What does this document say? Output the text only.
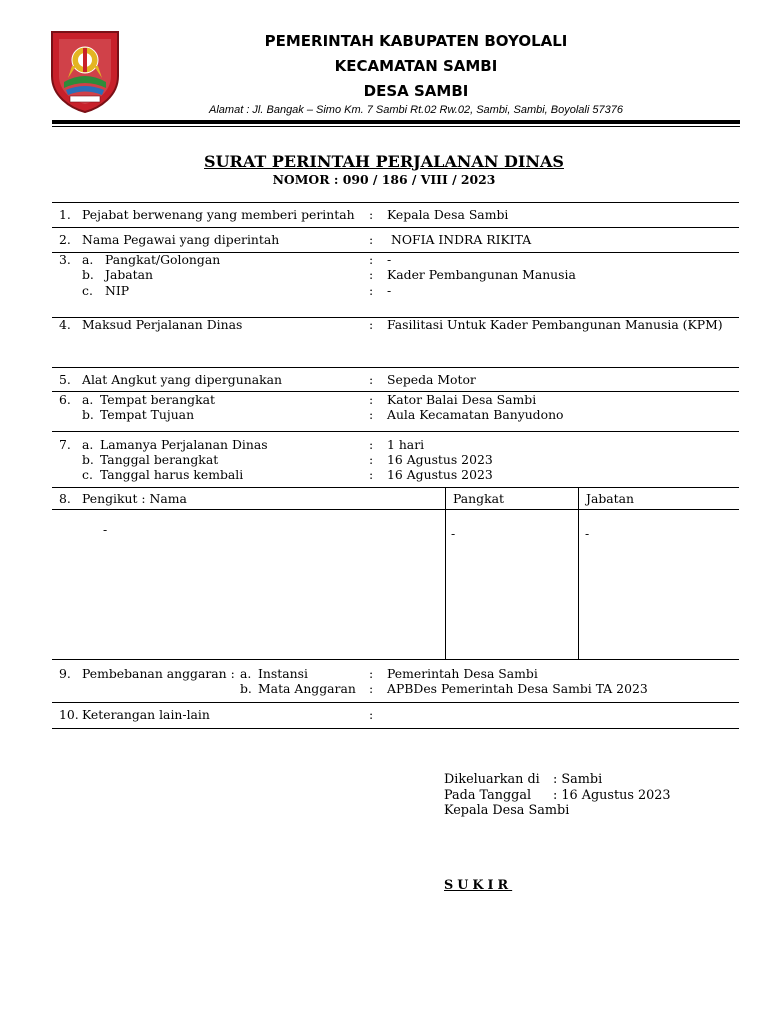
PEMERINTAH KABUPATEN BOYOLALI
KECAMATAN SAMBI
DESA SAMBI
Alamat : Jl. Bangak – Simo Km. 7 Sambi Rt.02 Rw.02, Sambi, Sambi, Boyolali 57376
SURAT PERINTAH PERJALANAN DINAS
NOMOR : 090 / 186 / VIII / 2023
1. Pejabat berwenang yang memberi perintah : Kepala Desa Sambi
2. Nama Pegawai yang diperintah	: NOFIA INDRA RIKITA
3. a. Pangkat/Golongan	: -
b. Jabatan	: Kader Pembangunan Manusia
c. NIP	: -
4. Maksud Perjalanan Dinas	: Fasilitasi Untuk Kader Pembangunan Manusia (KPM)
5. Alat Angkut yang dipergunakan	: Sepeda Motor
6. a. Tempat berangkat	: Kator Balai Desa Sambi
b. Tempat Tujuan	: Aula Kecamatan Banyudono
7. a. Lamanya Perjalanan Dinas	: 1 hari
b. Tanggal berangkat	: 16 Agustus 2023
c. Tanggal harus kembali	: 16 Agustus 2023
8. Pengikut : Nama	Pangkat	Jabatan
-	-	-
9. Pembebanan anggaran : a. Instansi	: Pemerintah Desa Sambi
b. Mata Anggaran : APBDes Pemerintah Desa Sambi TA 2023
10. Keterangan lain-lain	:
Dikeluarkan di : Sambi
Pada Tanggal : 16 Agustus 2023
Kepala Desa Sambi
SUKIR
